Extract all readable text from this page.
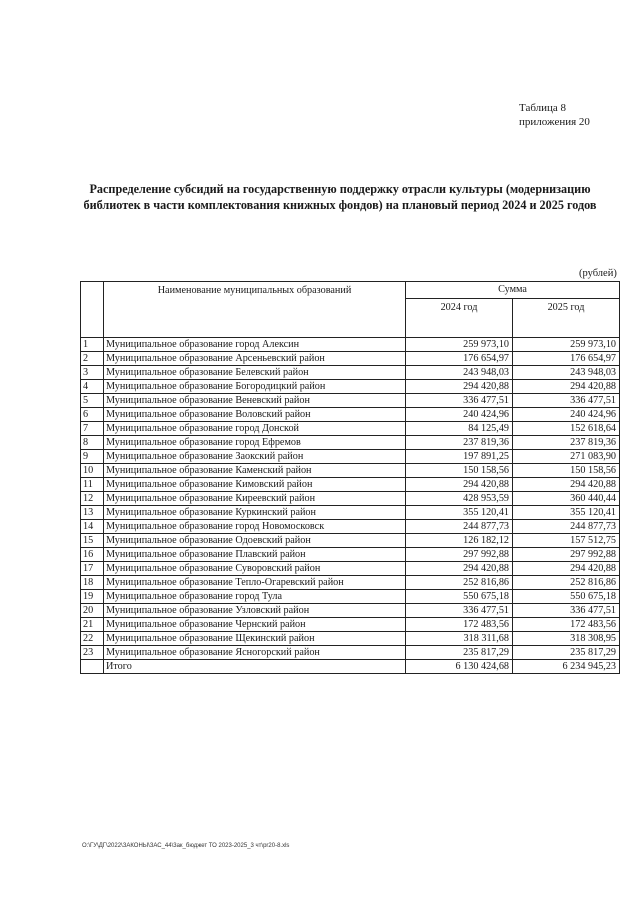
Таблица 8
приложения 20
Распределение субсидий на государственную поддержку отрасли культуры (модернизацию
библиотек в части комплектования книжных фондов) на плановый период 2024 и 2025 годов
(рублей)
	Наименование муниципальных образований	Сумма	
		2024 год	2025 год
1	Муниципальное образование город Алексин	259 973,10	259 973,10
2	Муниципальное образование Арсеньевский район	176 654,97	176 654,97
3	Муниципальное образование Белевский район	243 948,03	243 948,03
4	Муниципальное образование Богородицкий район	294 420,88	294 420,88
5	Муниципальное образование Веневский район	336 477,51	336 477,51
6	Муниципальное образование Воловский район	240 424,96	240 424,96
7	Муниципальное образование город Донской	84 125,49	152 618,64
8	Муниципальное образование город Ефремов	237 819,36	237 819,36
9	Муниципальное образование Заокский район	197 891,25	271 083,90
10	Муниципальное образование Каменский район	150 158,56	150 158,56
11	Муниципальное образование Кимовский район	294 420,88	294 420,88
12	Муниципальное образование Киреевский район	428 953,59	360 440,44
13	Муниципальное образование Куркинский район	355 120,41	355 120,41
14	Муниципальное образование город Новомосковск	244 877,73	244 877,73
15	Муниципальное образование Одоевский район	126 182,12	157 512,75
16	Муниципальное образование Плавский район	297 992,88	297 992,88
17	Муниципальное образование Суворовский район	294 420,88	294 420,88
18	Муниципальное образование Тепло-Огаревский район	252 816,86	252 816,86
19	Муниципальное образование город Тула	550 675,18	550 675,18
20	Муниципальное образование Узловский район	336 477,51	336 477,51
21	Муниципальное образование Чернский район	172 483,56	172 483,56
22	Муниципальное образование Щекинский район	318 311,68	318 308,95
23	Муниципальное образование Ясногорский район	235 817,29	235 817,29
	Итого	6 130 424,68	6 234 945,23
O:\ГУ\ДГ\2022\ЗАКОНЫ\ЗАС_44\3ак_бюджет ТО 2023-2025_3 чт\pr20-8.xls
